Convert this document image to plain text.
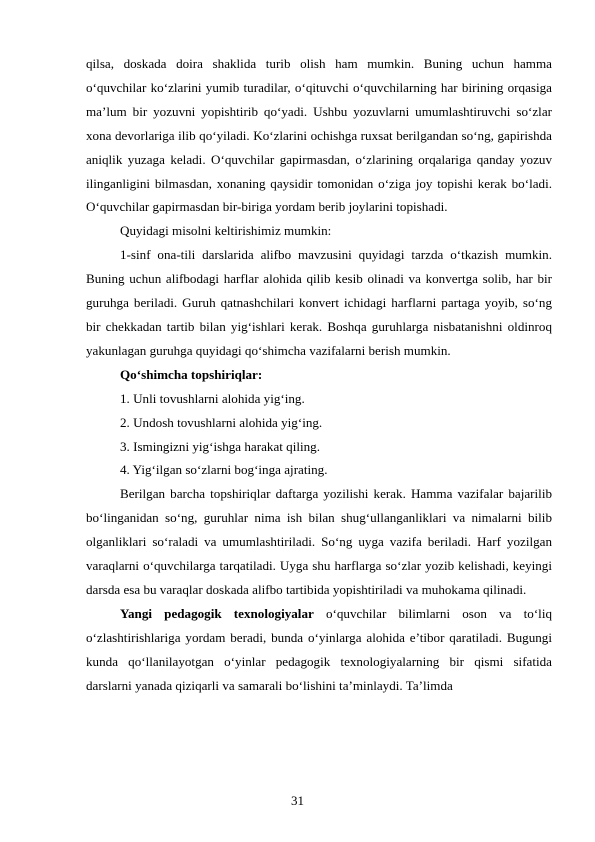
qilsa, doskada doira shaklida turib olish ham mumkin. Buning uchun hamma o‘quvchilar ko‘zlarini yumib turadilar, o‘qituvchi o‘quvchilarning har birining orqasiga ma’lum bir yozuvni yopishtirib qo‘yadi. Ushbu yozuvlarni umumlashtiruvchi so‘zlar xona devorlariga ilib qo‘yiladi. Ko‘zlarini ochishga ruxsat berilgandan so‘ng, gapirishda aniqlik yuzaga keladi. O‘quvchilar gapirmasdan, o‘zlarining orqalariga qanday yozuv ilinganligini bilmasdan, xonaning qaysidir tomonidan o‘ziga joy topishi kerak bo‘ladi. O‘quvchilar gapirmasdan bir-biriga yordam berib joylarini topishadi.

Quyidagi misolni keltirishimiz mumkin:

1-sinf ona-tili darslarida alifbo mavzusini quyidagi tarzda o‘tkazish mumkin. Buning uchun alifbodagi harflar alohida qilib kesib olinadi va konvertga solib, har bir guruhga beriladi. Guruh qatnashchilari konvert ichidagi harflarni partaga yoyib, so‘ng bir chekkadan tartib bilan yig‘ishlari kerak. Boshqa guruhlarga nisbatanishni oldinroq yakunlagan guruhga quyidagi qo‘shimcha vazifalarni berish mumkin.

Qo‘shimcha topshiriqlar:

1. Unli tovushlarni alohida yig‘ing.

2. Undosh tovushlarni alohida yig‘ing.

3. Ismingizni yig‘ishga harakat qiling.

4. Yig‘ilgan so‘zlarni bog‘inga ajrating.

Berilgan barcha topshiriqlar daftarga yozilishi kerak. Hamma vazifalar bajarilib bo‘linganidan so‘ng, guruhlar nima ish bilan shug‘ullanganliklari va nimalarni bilib olganliklari so‘raladi va umumlashtiriladi. So‘ng uyga vazifa beriladi. Harf yozilgan varaqlarni o‘quvchilarga tarqatiladi. Uyga shu harflarga so‘zlar yozib kelishadi, keyingi darsda esa bu varaqlar doskada alifbo tartibida yopishtiriladi va muhokama qilinadi.

Yangi pedagogik texnologiyalar o‘quvchilar bilimlarni oson va to‘liq o‘zlashtirishlariga yordam beradi, bunda o‘yinlarga alohida e’tibor qaratiladi. Bugungi kunda qo‘llanilayotgan o‘yinlar pedagogik texnologiyalarning bir qismi sifatida darslarni yanada qiziqarli va samarali bo‘lishini ta’minlaydi. Ta’limda

31
